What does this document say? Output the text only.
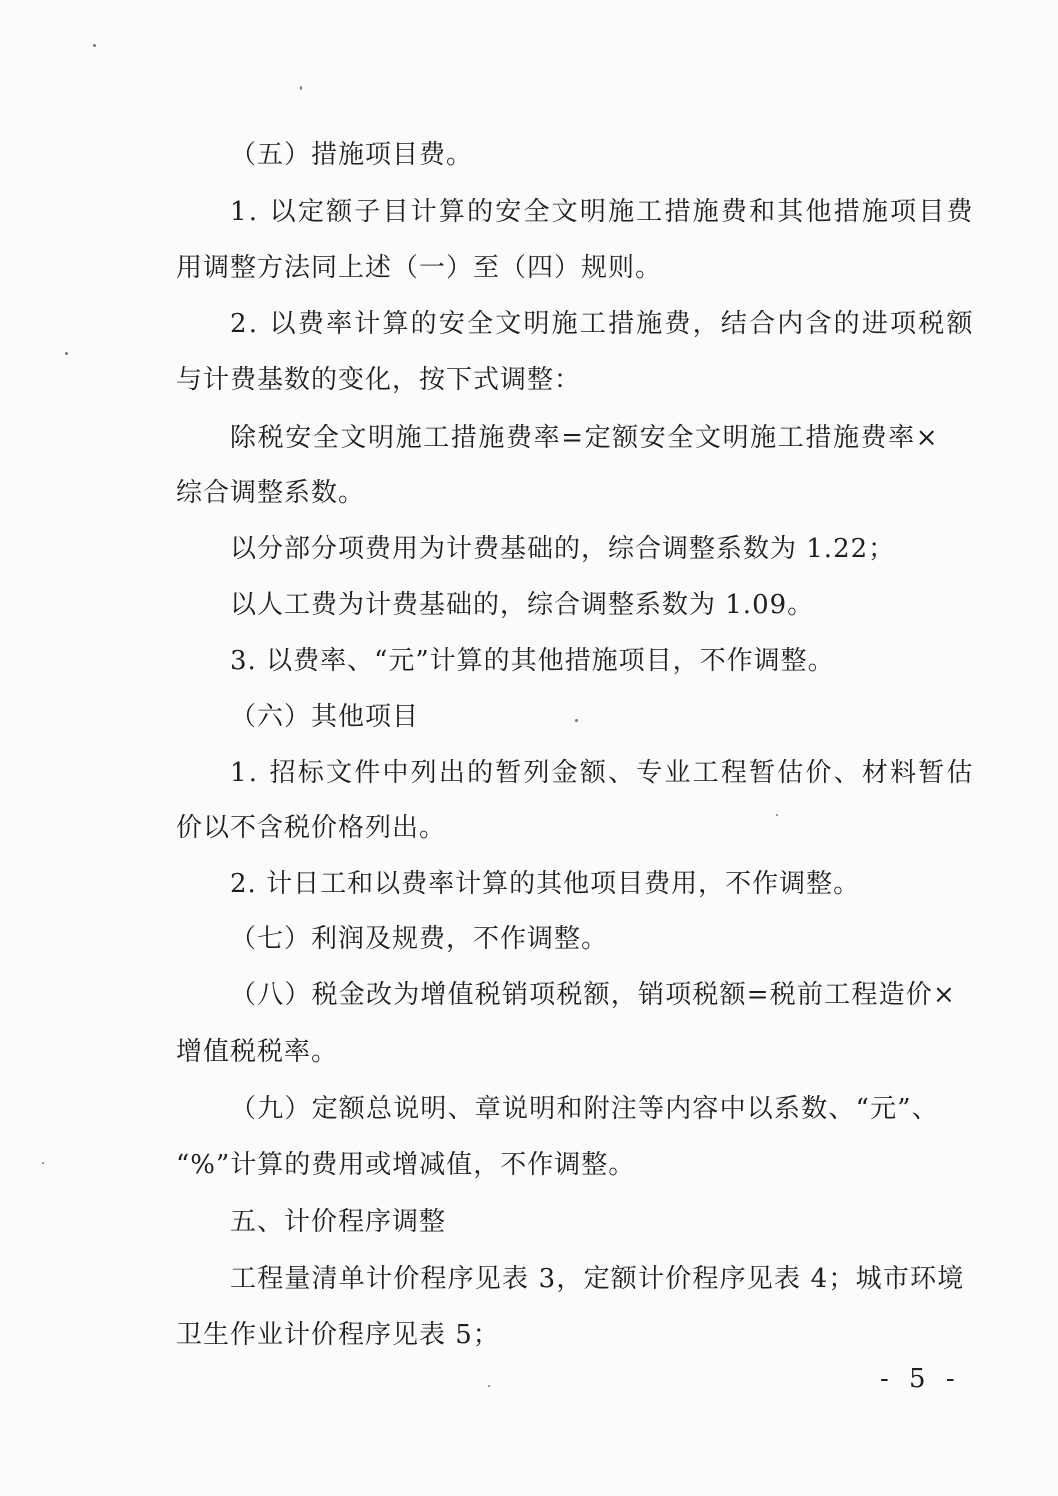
（五）措施项目费。
1. 以定额子目计算的安全文明施工措施费和其他措施项目费
用调整方法同上述（一）至（四）规则。
2. 以费率计算的安全文明施工措施费，结合内含的进项税额
与计费基数的变化，按下式调整：
除税安全文明施工措施费率=定额安全文明施工措施费率×
综合调整系数。
以分部分项费用为计费基础的，综合调整系数为 1.22；
以人工费为计费基础的，综合调整系数为 1.09。
3. 以费率、“元”计算的其他措施项目，不作调整。
（六）其他项目
1. 招标文件中列出的暂列金额、专业工程暂估价、材料暂估
价以不含税价格列出。
2. 计日工和以费率计算的其他项目费用，不作调整。
（七）利润及规费，不作调整。
（八）税金改为增值税销项税额，销项税额=税前工程造价×
增值税税率。
（九）定额总说明、章说明和附注等内容中以系数、“元”、
“%”计算的费用或增减值，不作调整。
五、计价程序调整
工程量清单计价程序见表 3，定额计价程序见表 4；城市环境
卫生作业计价程序见表 5；
- 5 -
